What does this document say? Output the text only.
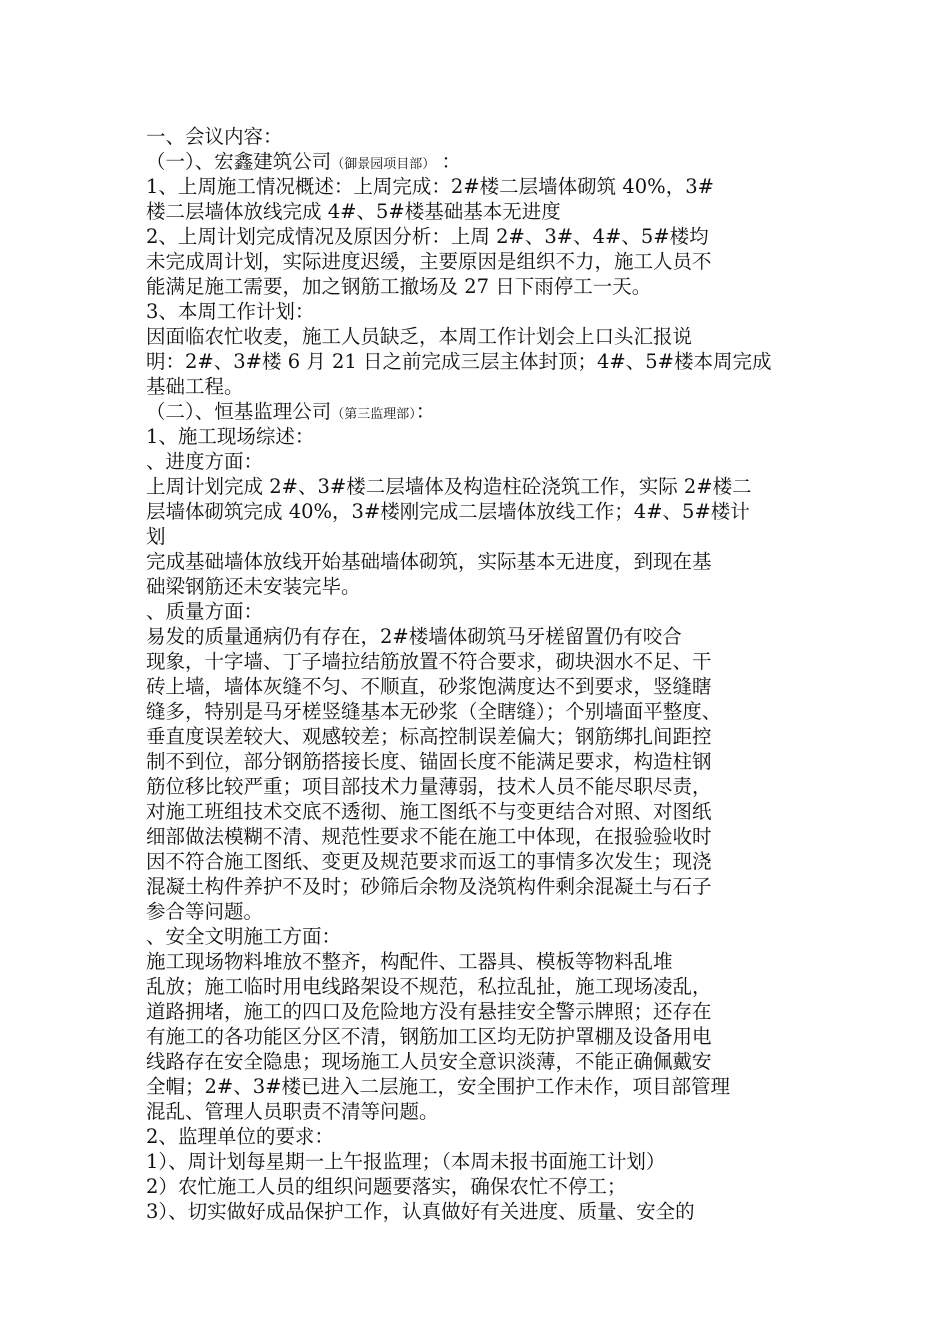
一、会议内容：
（一）、宏鑫建筑公司（御景园项目部） ：
1、上周施工情况概述：上周完成：2#楼二层墙体砌筑 40%，3#
楼二层墙体放线完成 4#、5#楼基础基本无进度
2、上周计划完成情况及原因分析：上周 2#、3#、4#、5#楼均
未完成周计划，实际进度迟缓，主要原因是组织不力，施工人员不
能满足施工需要，加之钢筋工撤场及 27 日下雨停工一天。
3、本周工作计划：
因面临农忙收麦，施工人员缺乏，本周工作计划会上口头汇报说
明：2#、3#楼 6 月 21 日之前完成三层主体封顶；4#、5#楼本周完成
基础工程。
（二）、恒基监理公司（第三监理部）：
1、施工现场综述：
、进度方面：
上周计划完成 2#、3#楼二层墙体及构造柱砼浇筑工作，实际 2#楼二
层墙体砌筑完成 40%，3#楼刚完成二层墙体放线工作；4#、5#楼计
划
完成基础墙体放线开始基础墙体砌筑，实际基本无进度，到现在基
础梁钢筋还未安装完毕。
、质量方面：
易发的质量通病仍有存在，2#楼墙体砌筑马牙槎留置仍有咬合
现象，十字墙、丁子墙拉结筋放置不符合要求，砌块洇水不足、干
砖上墙，墙体灰缝不匀、不顺直，砂浆饱满度达不到要求，竖缝瞎
缝多，特别是马牙槎竖缝基本无砂浆（全瞎缝）；个别墙面平整度、
垂直度误差较大、观感较差；标高控制误差偏大；钢筋绑扎间距控
制不到位，部分钢筋搭接长度、锚固长度不能满足要求，构造柱钢
筋位移比较严重；项目部技术力量薄弱，技术人员不能尽职尽责，
对施工班组技术交底不透彻、施工图纸不与变更结合对照、对图纸
细部做法模糊不清、规范性要求不能在施工中体现，在报验验收时
因不符合施工图纸、变更及规范要求而返工的事情多次发生；现浇
混凝土构件养护不及时；砂筛后余物及浇筑构件剩余混凝土与石子
参合等问题。
、安全文明施工方面：
施工现场物料堆放不整齐，构配件、工器具、模板等物料乱堆
乱放；施工临时用电线路架设不规范，私拉乱扯，施工现场凌乱，
道路拥堵，施工的四口及危险地方没有悬挂安全警示牌照；还存在
有施工的各功能区分区不清，钢筋加工区均无防护罩棚及设备用电
线路存在安全隐患；现场施工人员安全意识淡薄，不能正确佩戴安
全帽；2#、3#楼已进入二层施工，安全围护工作未作，项目部管理
混乱、管理人员职责不清等问题。
2、监理单位的要求：
1）、周计划每星期一上午报监理；（本周未报书面施工计划）
2）农忙施工人员的组织问题要落实，确保农忙不停工；
3）、切实做好成品保护工作，认真做好有关进度、质量、安全的
